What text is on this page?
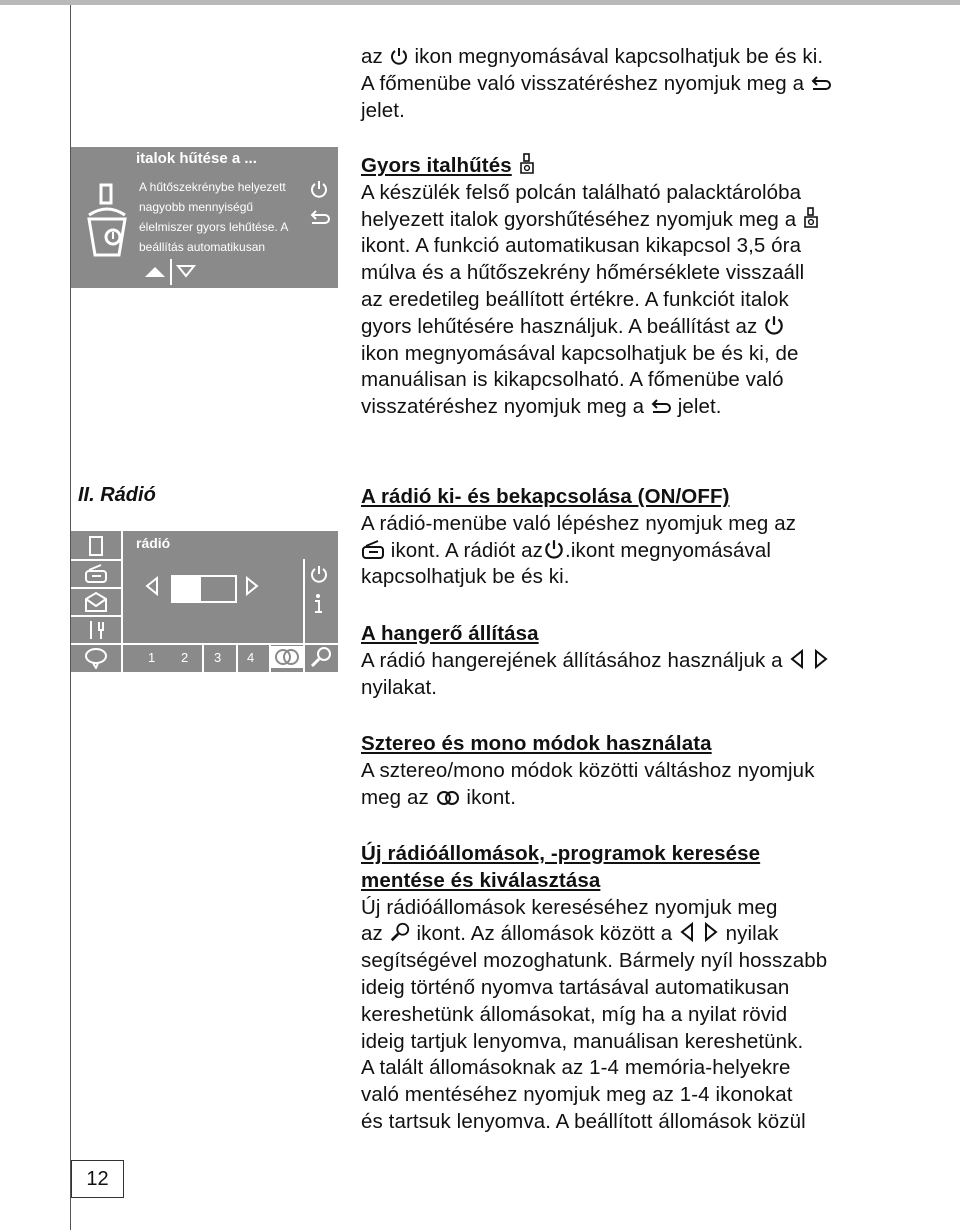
az ikon megnyomásával kapcsolhatjuk be és ki.
A főmenübe való visszatéréshez nyomjuk meg a
jelet.
italok hűtése a ...
A hűtőszekrénybe helyezett
nagyobb mennyiségű
élelmiszer gyors lehűtése. A
beállítás automatikusan
Gyors italhűtés
A készülék felső polcán található palacktárolóba
helyezett italok gyorshűtéséhez nyomjuk meg a
ikont. A funkció automatikusan kikapcsol 3,5 óra
múlva és a hűtőszekrény hőmérséklete visszaáll
az eredetileg beállított értékre. A funkciót italok
gyors lehűtésére használjuk. A beállítást az
ikon megnyomásával kapcsolhatjuk be és ki, de
manuálisan is kikapcsolható. A főmenübe való
visszatéréshez nyomjuk meg a jelet.
II. Rádió
rádió
1 2 3 4
A rádió ki- és bekapcsolása (ON/OFF)
A rádió-menübe való lépéshez nyomjuk meg az
ikont. A rádiót az .ikont megnyomásával
kapcsolhatjuk be és ki.
A hangerő állítása
A rádió hangerejének állításához használjuk a
nyilakat.
Sztereo és mono módok használata
A sztereo/mono módok közötti váltáshoz nyomjuk
meg az ikont.
Új rádióállomások, -programok keresése
mentése és kiválasztása
Új rádióállomások kereséséhez nyomjuk meg
az ikont. Az állomások között a	nyilak
segítségével mozoghatunk. Bármely nyíl hosszabb
ideig történő nyomva tartásával automatikusan
kereshetünk állomásokat, míg ha a nyilat rövid
ideig tartjuk lenyomva, manuálisan kereshetünk.
A talált állomásoknak az 1-4 memória-helyekre
való mentéséhez nyomjuk meg az 1-4 ikonokat
és tartsuk lenyomva. A beállított állomások közül
12
